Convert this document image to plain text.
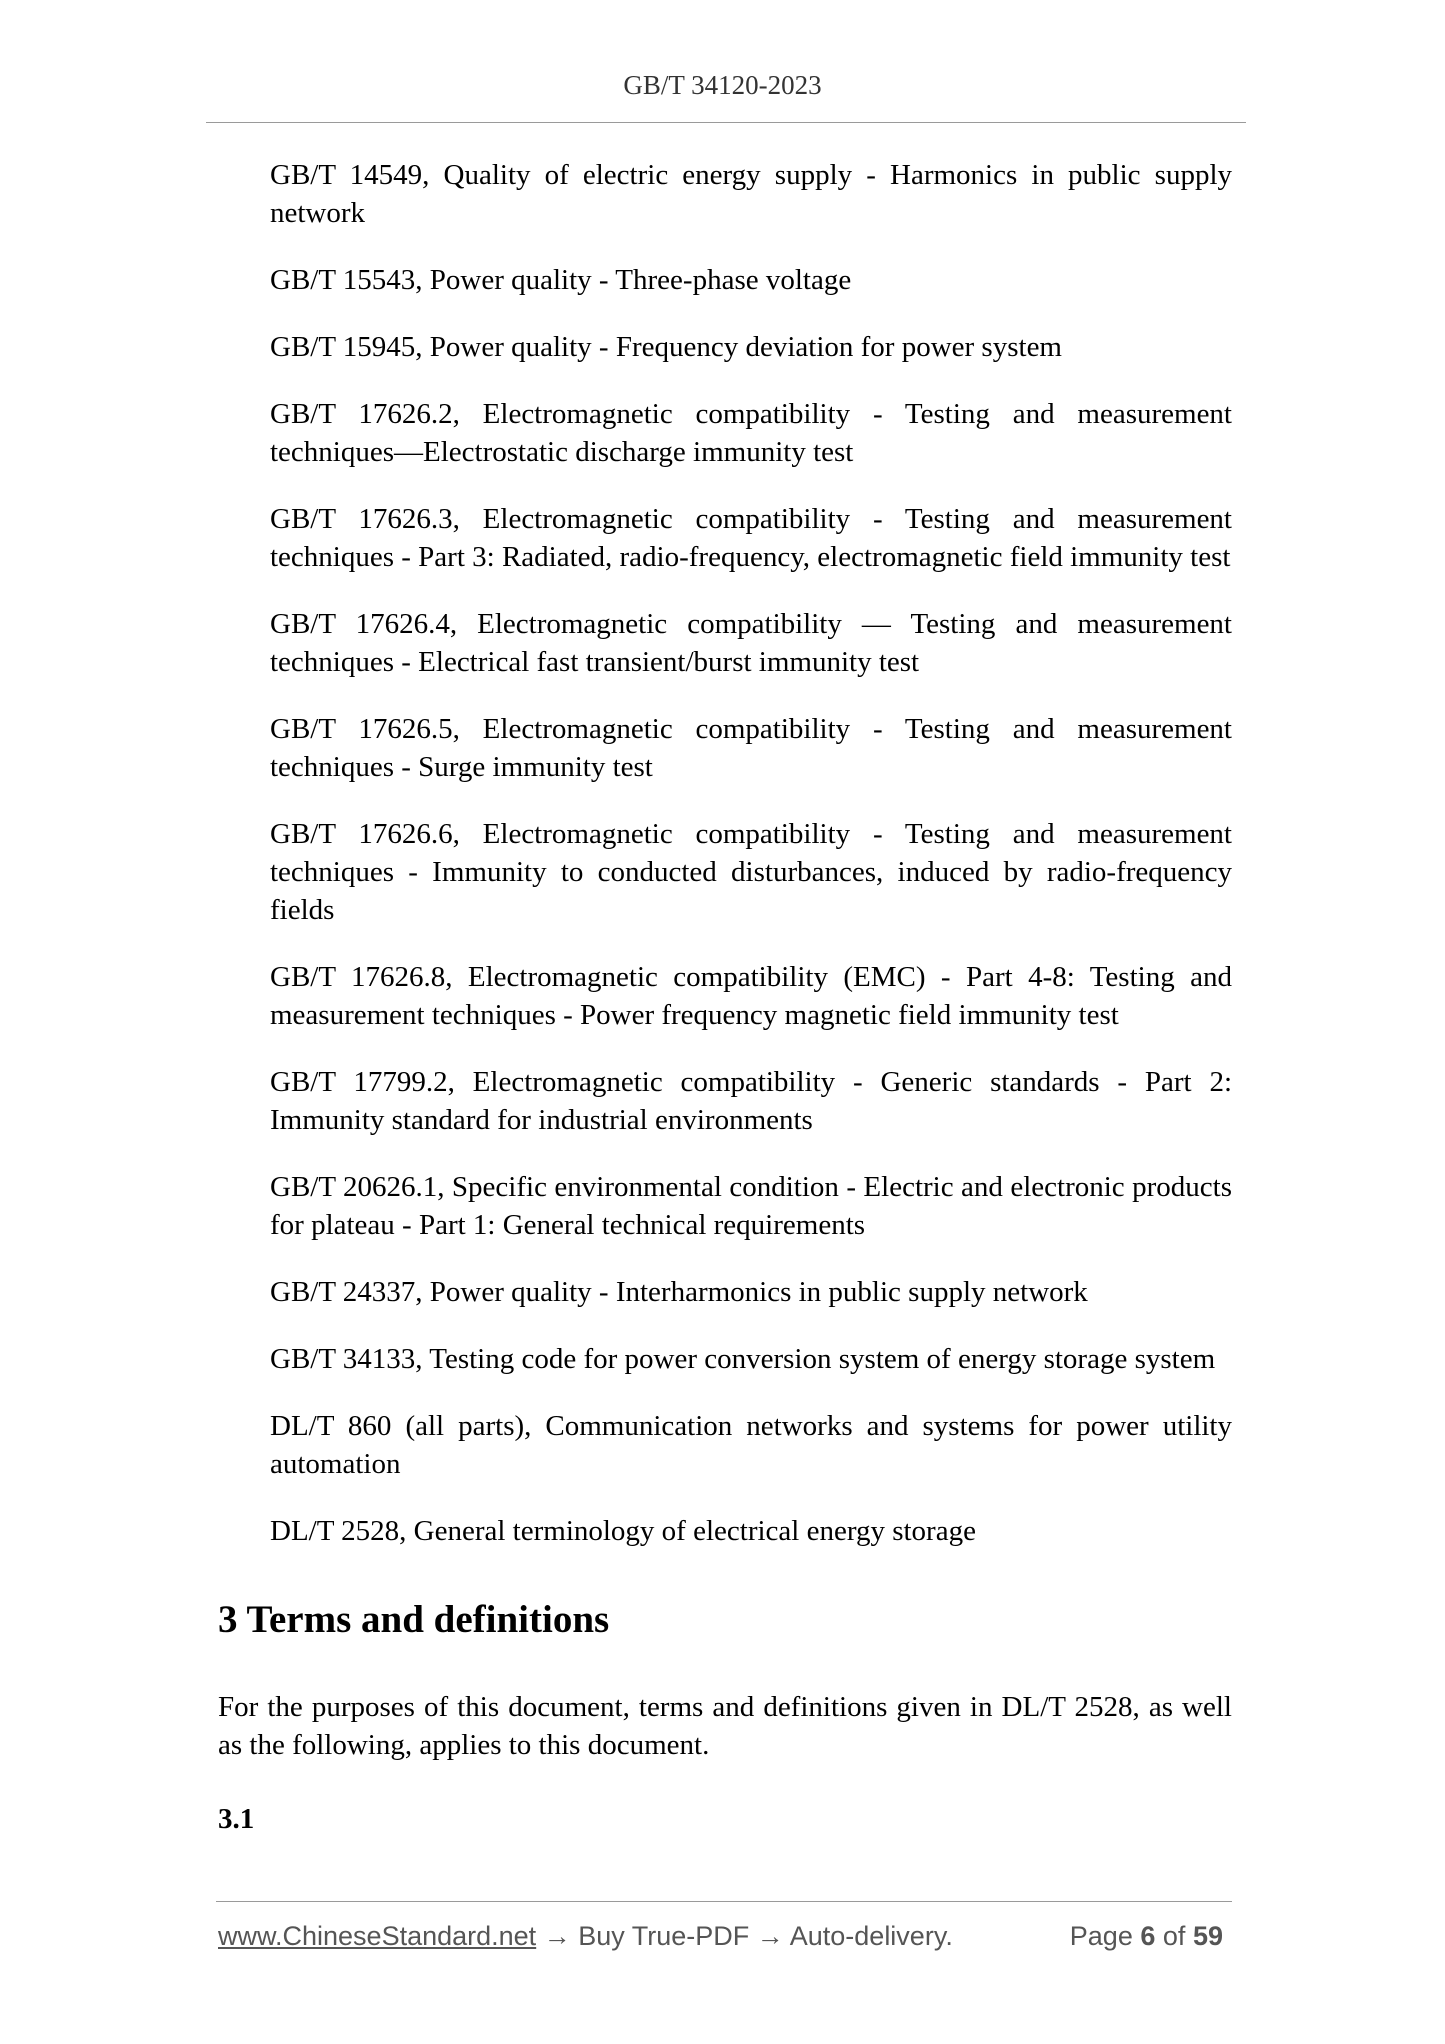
GB/T 34120-2023

GB/T 14549, Quality of electric energy supply - Harmonics in public supply network

GB/T 15543, Power quality - Three-phase voltage

GB/T 15945, Power quality - Frequency deviation for power system

GB/T 17626.2, Electromagnetic compatibility - Testing and measurement techniques—Electrostatic discharge immunity test

GB/T 17626.3, Electromagnetic compatibility - Testing and measurement techniques - Part 3: Radiated, radio-frequency, electromagnetic field immunity test

GB/T 17626.4, Electromagnetic compatibility — Testing and measurement techniques - Electrical fast transient/burst immunity test

GB/T 17626.5, Electromagnetic compatibility - Testing and measurement techniques - Surge immunity test

GB/T 17626.6, Electromagnetic compatibility - Testing and measurement techniques - Immunity to conducted disturbances, induced by radio-frequency fields

GB/T 17626.8, Electromagnetic compatibility (EMC) - Part 4-8: Testing and measurement techniques - Power frequency magnetic field immunity test

GB/T 17799.2, Electromagnetic compatibility - Generic standards - Part 2: Immunity standard for industrial environments

GB/T 20626.1, Specific environmental condition - Electric and electronic products for plateau - Part 1: General technical requirements

GB/T 24337, Power quality - Interharmonics in public supply network

GB/T 34133, Testing code for power conversion system of energy storage system

DL/T 860 (all parts), Communication networks and systems for power utility automation

DL/T 2528, General terminology of electrical energy storage

3 Terms and definitions

For the purposes of this document, terms and definitions given in DL/T 2528, as well as the following, applies to this document.

3.1

www.ChineseStandard.net → Buy True-PDF → Auto-delivery.	Page 6 of 59
